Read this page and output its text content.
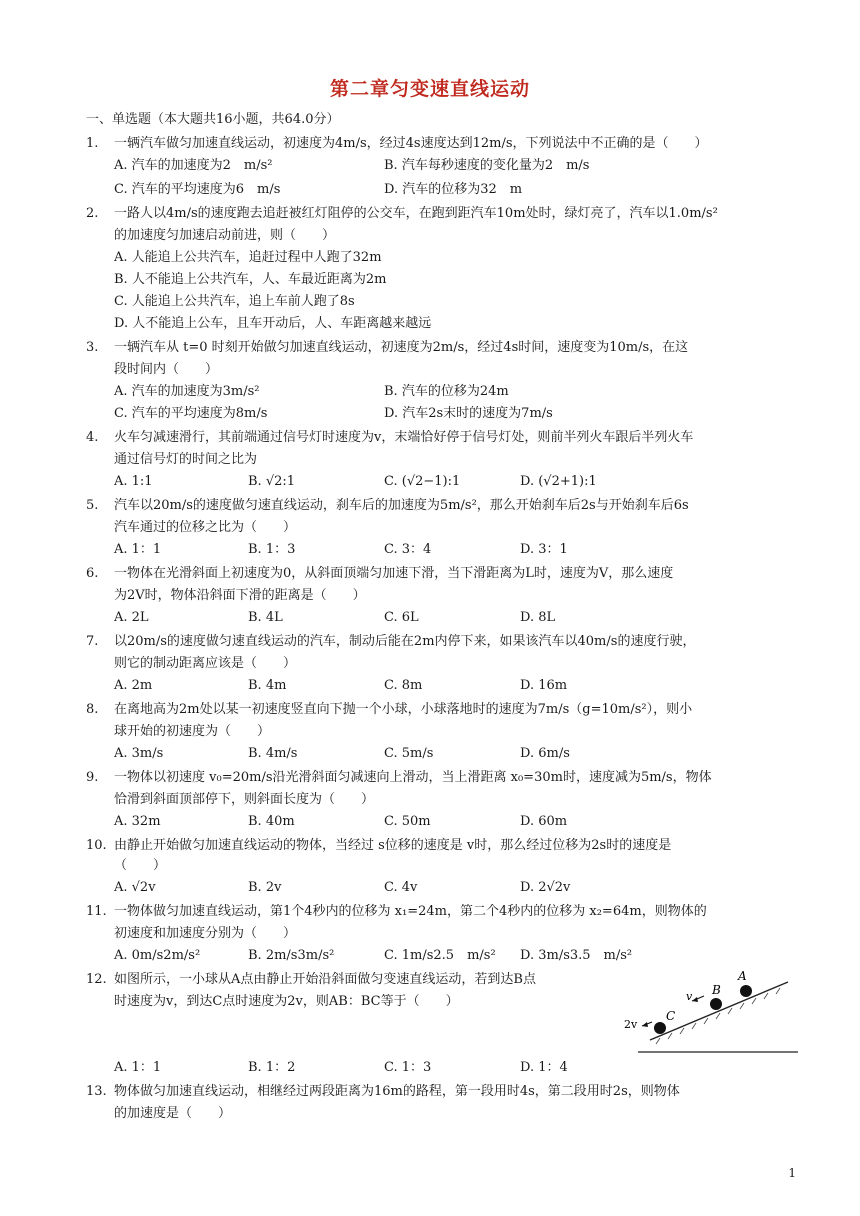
第二章匀变速直线运动
一、单选题（本大题共16小题，共64.0分）
1. 一辆汽车做匀加速直线运动，初速度为4m/s，经过4s速度达到12m/s，下列说法中不正确的是（　　）
A. 汽车的加速度为2　m/s²	B. 汽车每秒速度的变化量为2　m/s
C. 汽车的平均速度为6　m/s	D. 汽车的位移为32　m
2. 一路人以4m/s的速度跑去追赶被红灯阻停的公交车，在跑到距汽车10m处时，绿灯亮了，汽车以1.0m/s²
的加速度匀加速启动前进，则（　　）
A. 人能追上公共汽车，追赶过程中人跑了32m
B. 人不能追上公共汽车，人、车最近距离为2m
C. 人能追上公共汽车，追上车前人跑了8s
D. 人不能追上公车，且车开动后，人、车距离越来越远
3. 一辆汽车从 t=0 时刻开始做匀加速直线运动，初速度为2m/s，经过4s时间，速度变为10m/s，在这
段时间内（　　）
A. 汽车的加速度为3m/s²	B. 汽车的位移为24m
C. 汽车的平均速度为8m/s	D. 汽车2s末时的速度为7m/s
4. 火车匀减速滑行，其前端通过信号灯时速度为v，末端恰好停于信号灯处，则前半列火车跟后半列火车
通过信号灯的时间之比为
A. 1:1	B. √2:1	C. (√2−1):1	D. (√2+1):1
5. 汽车以20m/s的速度做匀速直线运动，刹车后的加速度为5m/s²，那么开始刹车后2s与开始刹车后6s
汽车通过的位移之比为（　　）
A. 1：1	B. 1：3	C. 3：4	D. 3：1
6. 一物体在光滑斜面上初速度为0，从斜面顶端匀加速下滑，当下滑距离为L时，速度为V，那么速度
为2V时，物体沿斜面下滑的距离是（　　）
A. 2L	B. 4L	C. 6L	D. 8L
7. 以20m/s的速度做匀速直线运动的汽车，制动后能在2m内停下来，如果该汽车以40m/s的速度行驶，
则它的制动距离应该是（　　）
A. 2m	B. 4m	C. 8m	D. 16m
8. 在离地高为2m处以某一初速度竖直向下抛一个小球，小球落地时的速度为7m/s（g=10m/s²），则小
球开始的初速度为（　　）
A. 3m/s	B. 4m/s	C. 5m/s	D. 6m/s
9. 一物体以初速度 v₀=20m/s沿光滑斜面匀减速向上滑动，当上滑距离 x₀=30m时，速度减为5m/s，物体
恰滑到斜面顶部停下，则斜面长度为（　　）
A. 32m	B. 40m	C. 50m	D. 60m
10. 由静止开始做匀加速直线运动的物体，当经过 s位移的速度是 v时，那么经过位移为2s时的速度是
（　　）
A. √2v	B. 2v	C. 4v	D. 2√2v
11. 一物体做匀加速直线运动，第1个4秒内的位移为 x₁=24m，第二个4秒内的位移为 x₂=64m，则物体的
初速度和加速度分别为（　　）
A. 0m/s2m/s²	B. 2m/s3m/s²	C. 1m/s2.5　m/s² D. 3m/s3.5　m/s²
12. 如图所示，一小球从A点由静止开始沿斜面做匀变速直线运动，若到达B点
时速度为v，到达C点时速度为2v，则AB：BC等于（　　）
A
B
C
v
2v
A. 1：1	B. 1：2	C. 1：3	D. 1：4
13. 物体做匀加速直线运动，相继经过两段距离为16m的路程，第一段用时4s，第二段用时2s，则物体
的加速度是（　　）
1
